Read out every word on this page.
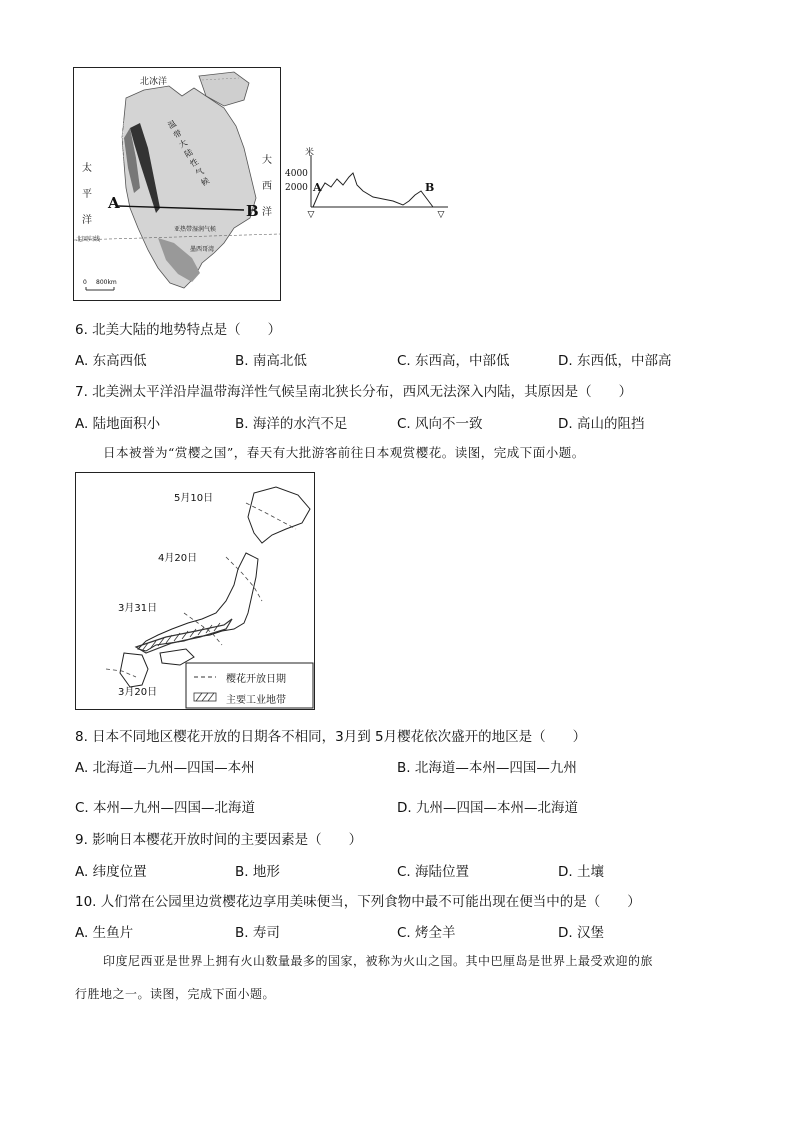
北冰洋
太
平
洋
大
西
洋
温
带
大
陆
性
气
候
温
带
海
洋
性
气
候
亚热带湿润气候
墨西哥湾
北回归线
A	B
0 800km
▽	▽
米
4000
2000 A	B
6. 北美大陆的地势特点是（　　）
A. 东高西低	B. 南高北低	C. 东西高，中部低	D. 东西低，中部高
7. 北美洲太平洋沿岸温带海洋性气候呈南北狭长分布，西风无法深入内陆，其原因是（　　）
A. 陆地面积小	B. 海洋的水汽不足	C. 风向不一致	D. 高山的阻挡
日本被誉为“赏樱之国”，春天有大批游客前往日本观赏樱花。读图，完成下面小题。
5月10日
4月20日
3月31日
3月20日
樱花开放日期
主要工业地带
8. 日本不同地区樱花开放的日期各不相同，3月到 5月樱花依次盛开的地区是（　　）
A. 北海道—九州—四国—本州	B. 北海道—本州—四国—九州
C. 本州—九州—四国—北海道	D. 九州—四国—本州—北海道
9. 影响日本樱花开放时间的主要因素是（　　）
A. 纬度位置	B. 地形	C. 海陆位置	D. 土壤
10. 人们常在公园里边赏樱花边享用美味便当，下列食物中最不可能出现在便当中的是（　　）
A. 生鱼片	B. 寿司	C. 烤全羊	D. 汉堡
印度尼西亚是世界上拥有火山数量最多的国家，被称为火山之国。其中巴厘岛是世界上最受欢迎的旅
行胜地之一。读图，完成下面小题。
